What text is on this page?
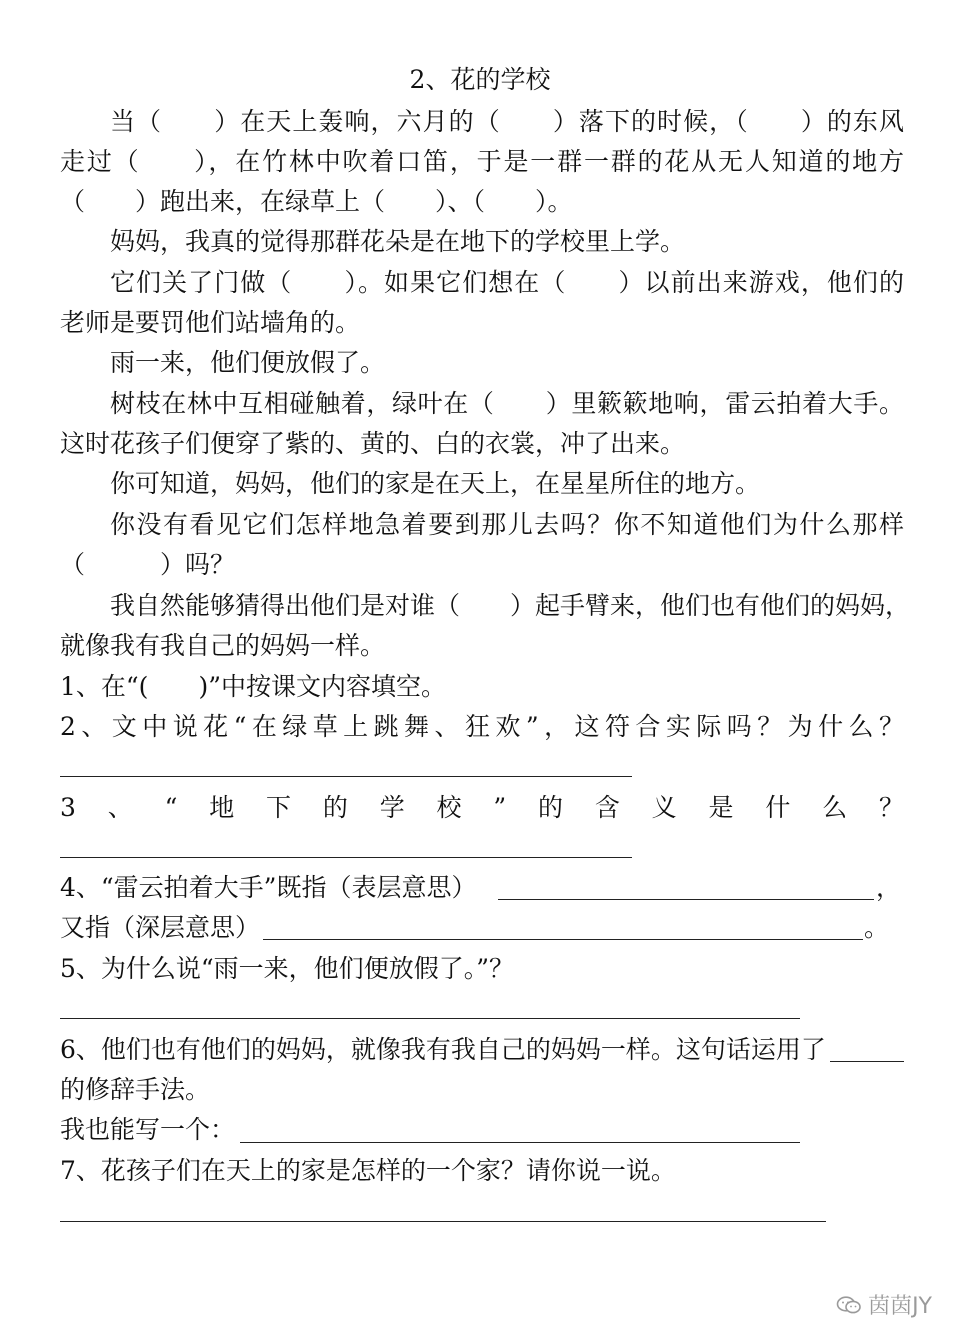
2、花的学校
当（　　）在天上轰响，六月的（　　）落下的时候，（　　）的东风
走过（　　），在竹林中吹着口笛，于是一群一群的花从无人知道的地方
（　　）跑出来，在绿草上（　　）、（　　）。
妈妈，我真的觉得那群花朵是在地下的学校里上学。
它们关了门做（　　）。如果它们想在（　　）以前出来游戏，他们的
老师是要罚他们站墙角的。
雨一来，他们便放假了。
树枝在林中互相碰触着，绿叶在（　　）里簌簌地响，雷云拍着大手。
这时花孩子们便穿了紫的、黄的、白的衣裳，冲了出来。
你可知道，妈妈，他们的家是在天上，在星星所住的地方。
你没有看见它们怎样地急着要到那儿去吗？你不知道他们为什么那样
（　　　）吗？
我自然能够猜得出他们是对谁（　　）起手臂来，他们也有他们的妈妈，
就像我有我自己的妈妈一样。
1、在“(　　)”中按课文内容填空。
2、文中说花“在绿草上跳舞、狂欢”，这符合实际吗？为什么？
3、“地下的学校”的含义是什么？
4、“雷云拍着大手”既指（表层意思）	，
又指（深层意思）	。
5、为什么说“雨一来，他们便放假了。”？
6、他们也有他们的妈妈，就像我有我自己的妈妈一样。这句话运用了
的修辞手法。
我也能写一个：
7、花孩子们在天上的家是怎样的一个家？请你说一说。
茵茵JY
